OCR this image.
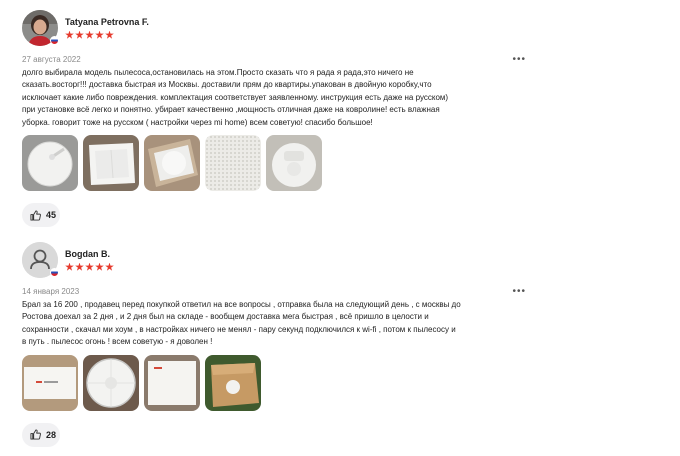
Tatyana Petrovna F.
27 августа 2022	•••
долго выбирала модель пылесоса,остановилась на этом.Просто сказать что я рада я рада,это ничего не
сказать.восторг!!! доставка быстрая из Москвы. доставили прям до квартиры.упакован в двойную коробку,что
исключает какие либо повреждения. комплектация соответствует заявленному. инструкция есть даже на русском)
при установке всё легко и понятно. убирает качественно ,мощность отличная даже на ковролине! есть влажная
уборка. говорит тоже на русском ( настройки через mi home) всем советую! спасибо большое!
45
Bogdan B.
14 января 2023	•••
Брал за 16 200 , продавец перед покупкой ответил на все вопросы , отправка была на следующий день , с москвы до
Ростова доехал за 2 дня , и 2 дня был на складе - вообщем доставка мега быстрая , всё пришло в целости и
сохранности , скачал ми хоум , в настройках ничего не менял - пару секунд подключился к wi-fi , потом к пылесосу и
в путь . пылесос огонь ! всем советую - я доволен !
28
